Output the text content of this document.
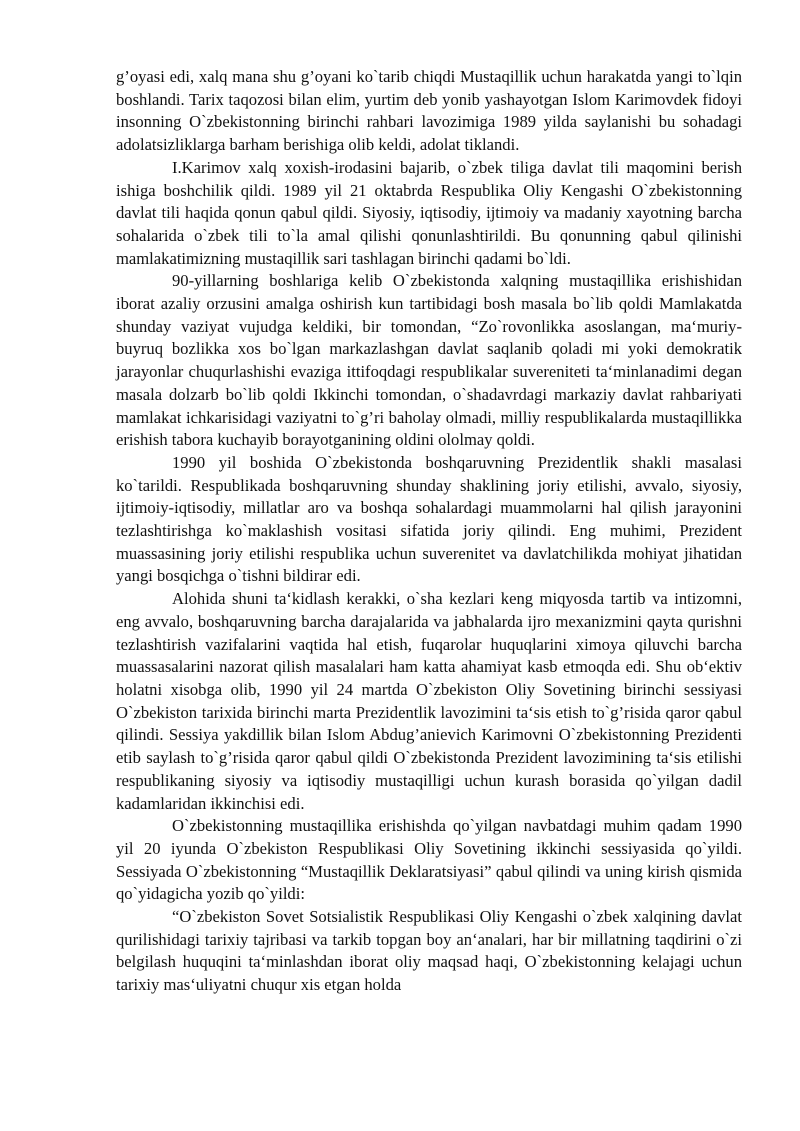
g’oyasi edi, xalq mana shu g’oyani ko`tarib chiqdi Mustaqillik uchun harakatda yangi to`lqin boshlandi. Tarix taqozosi bilan elim, yurtim deb yonib yashayotgan Islom Karimovdek fidoyi insonning O`zbekistonning birinchi rahbari lavozimiga 1989 yilda saylanishi bu sohadagi adolatsizliklarga barham berishiga olib keldi, adolat tiklandi.

I.Karimov xalq xoxish-irodasini bajarib, o`zbek tiliga davlat tili maqomini berish ishiga boshchilik qildi. 1989 yil 21 oktabrda Respublika Oliy Kengashi O`zbekistonning davlat tili haqida qonun qabul qildi. Siyosiy, iqtisodiy, ijtimoiy va madaniy xayotning barcha sohalarida o`zbek tili to`la amal qilishi qonunlashtirildi. Bu qonunning qabul qilinishi mamlakatimizning mustaqillik sari tashlagan birinchi qadami bo`ldi.

90-yillarning boshlariga kelib O`zbekistonda xalqning mustaqillika erishishidan iborat azaliy orzusini amalga oshirish kun tartibidagi bosh masala bo`lib qoldi Mamlakatda shunday vaziyat vujudga keldiki, bir tomondan, “Zo`rovonlikka asoslangan, ma‘muriy-buyruq bozlikka xos bo`lgan markazlashgan davlat saqlanib qoladi mi yoki demokratik jarayonlar chuqurlashishi evaziga ittifoqdagi respublikalar suvereniteti ta‘minlanadimi degan masala dolzarb bo`lib qoldi Ikkinchi tomondan, o`shadavrdagi markaziy davlat rahbariyati mamlakat ichkarisidagi vaziyatni to`g’ri baholay olmadi, milliy respublikalarda mustaqillikka erishish tabora kuchayib borayotganining oldini ololmay qoldi.

1990 yil boshida O`zbekistonda boshqaruvning Prezidentlik shakli masalasi ko`tarildi. Respublikada boshqaruvning shunday shaklining joriy etilishi, avvalo, siyosiy, ijtimoiy-iqtisodiy, millatlar aro va boshqa sohalardagi muammolarni hal qilish jarayonini tezlashtirishga ko`maklashish vositasi sifatida joriy qilindi. Eng muhimi, Prezident muassasining joriy etilishi respublika uchun suverenitet va davlatchilikda mohiyat jihatidan yangi bosqichga o`tishni bildirar edi.

Alohida shuni ta‘kidlash kerakki, o`sha kezlari keng miqyosda tartib va intizomni, eng avvalo, boshqaruvning barcha darajalarida va jabhalarda ijro mexanizmini qayta qurishni tezlashtirish vazifalarini vaqtida hal etish, fuqarolar huquqlarini ximoya qiluvchi barcha muassasalarini nazorat qilish masalalari ham katta ahamiyat kasb etmoqda edi. Shu ob‘ektiv holatni xisobga olib, 1990 yil 24 martda O`zbekiston Oliy Sovetining birinchi sessiyasi O`zbekiston tarixida birinchi marta Prezidentlik lavozimini ta‘sis etish to`g’risida qaror qabul qilindi. Sessiya yakdillik bilan Islom Abdug’anievich Karimovni O`zbekistonning Prezidenti etib saylash to`g’risida qaror qabul qildi O`zbekistonda Prezident lavozimining ta‘sis etilishi respublikaning siyosiy va iqtisodiy mustaqilligi uchun kurash borasida qo`yilgan dadil kadamlaridan ikkinchisi edi.

O`zbekistonning mustaqillika erishishda qo`yilgan navbatdagi muhim qadam 1990 yil 20 iyunda O`zbekiston Respublikasi Oliy Sovetining ikkinchi sessiyasida qo`yildi. Sessiyada O`zbekistonning “Mustaqillik Deklaratsiyasi” qabul qilindi va uning kirish qismida qo`yidagicha yozib qo`yildi:

“O`zbekiston Sovet Sotsialistik Respublikasi Oliy Kengashi o`zbek xalqining davlat qurilishidagi tarixiy tajribasi va tarkib topgan boy an‘analari, har bir millatning taqdirini o`zi belgilash huquqini ta‘minlashdan iborat oliy maqsad haqi, O`zbekistonning kelajagi uchun tarixiy mas‘uliyatni chuqur xis etgan holda
